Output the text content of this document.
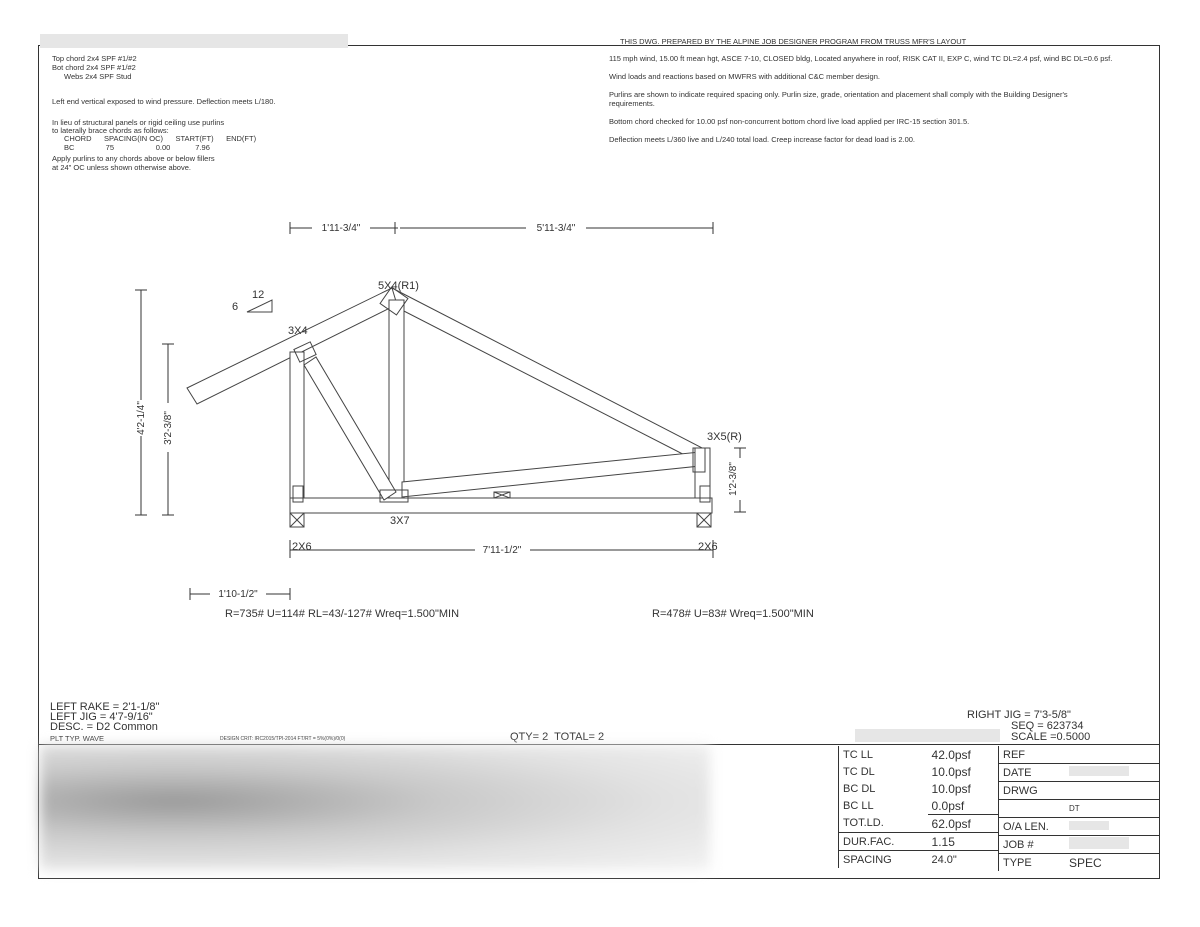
THIS DWG. PREPARED BY THE ALPINE JOB DESIGNER PROGRAM FROM TRUSS MFR'S LAYOUT
Top chord 2x4 SPF #1/#2
Bot chord 2x4 SPF #1/#2
Webs 2x4 SPF Stud
Left end vertical exposed to wind pressure. Deflection meets L/180.
In lieu of structural panels or rigid ceiling use purlins
to laterally brace chords as follows:
CHORD      SPACING(IN OC)      START(FT)      END(FT)
BC               75                    0.00            7.96
Apply purlins to any chords above or below fillers
at 24" OC unless shown otherwise above.

115 mph wind, 15.00 ft mean hgt, ASCE 7-10, CLOSED bldg, Located anywhere in roof, RISK CAT II, EXP C, wind TC DL=2.4 psf, wind BC DL=0.6 psf.

Wind loads and reactions based on MWFRS with additional C&C member design.

Purlins are shown to indicate required spacing only. Purlin size, grade, orientation and placement shall comply with the Building Designer's requirements.

Bottom chord checked for 10.00 psf non-concurrent bottom chord live load applied per IRC-15 section 301.5.

Deflection meets L/360 live and L/240 total load. Creep increase factor for dead load is 2.00.

1'11-3/4"	5'11-3/4"
4'2-1/4" 3'2-3/8"
1'2-3/8"
7'11-1/2"
1'10-1/2"
6
12
5X4(R1)
3X4
3X5(R)
3X7
2X6	2X6
R=735# U=114# RL=43/-127# Wreq=1.500"MIN	R=478# U=83# Wreq=1.500"MIN
LEFT RAKE = 2'1-1/8"
LEFT JIG = 4'7-9/16"
DESC. = D2 Common
PLT TYP. WAVE	DESIGN CRIT: IRC2015/TPI-2014 FT/RT = 5%(0%)/0(0)	QTY= 2  TOTAL= 2
RIGHT JIG = 7'3-5/8"
SEQ = 623734
SCALE =0.5000
TC LL	42.0psf
TC DL	10.0psf
BC DL	10.0psf
BC LL	0.0psf
TOT.LD.	62.0psf
DUR.FAC.	1.15
SPACING	24.0"
REF	
DATE	
DRWG	
	DT
O/A LEN.	
JOB #	
TYPE	SPEC
